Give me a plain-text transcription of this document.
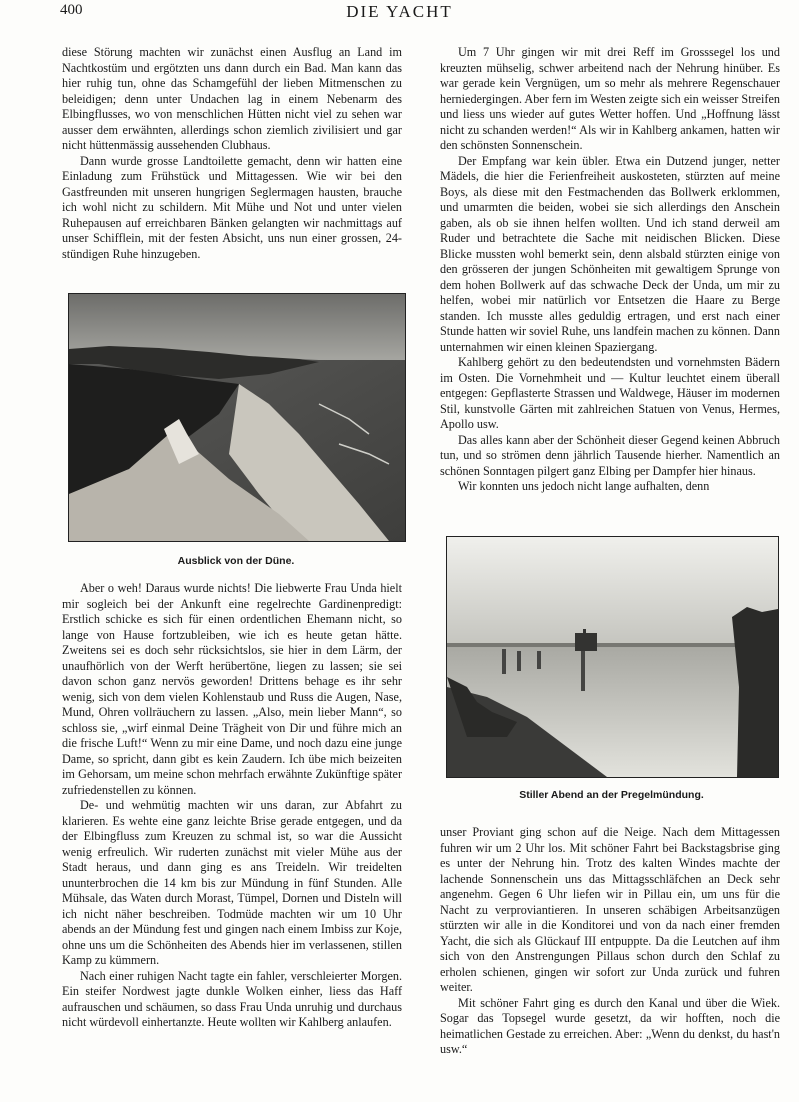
400	DIE YACHT

diese Störung machten wir zunächst einen Ausflug an Land im Nachtkostüm und ergötzten uns dann durch ein Bad. Man kann das hier ruhig tun, ohne das Schamgefühl der lieben Mitmenschen zu beleidigen; denn unter Undachen lag in einem Nebenarm des Elbingflusses, wo von menschlichen Hütten nicht viel zu sehen war ausser dem erwähnten, allerdings schon ziemlich zivilisiert und gar nicht hüttenmässig aussehenden Clubhaus.

Dann wurde grosse Landtoilette gemacht, denn wir hatten eine Einladung zum Frühstück und Mittagessen. Wie wir bei den Gastfreunden mit unseren hungrigen Seglermagen hausten, brauche ich wohl nicht zu schildern. Mit Mühe und Not und unter vielen Ruhepausen auf erreichbaren Bänken gelangten wir nachmittags auf unser Schifflein, mit der festen Absicht, uns nun einer grossen, 24-stündigen Ruhe hinzugeben.

Um 7 Uhr gingen wir mit drei Reff im Grosssegel los und kreuzten mühselig, schwer arbeitend nach der Nehrung hinüber. Es war gerade kein Vergnügen, um so mehr als mehrere Regenschauer herniedergingen. Aber fern im Westen zeigte sich ein weisser Streifen und liess uns wieder auf gutes Wetter hoffen. Und „Hoffnung lässt nicht zu schanden werden!“ Als wir in Kahlberg ankamen, hatten wir den schönsten Sonnenschein.

Der Empfang war kein übler. Etwa ein Dutzend junger, netter Mädels, die hier die Ferienfreiheit auskosteten, stürzten auf meine Boys, als diese mit den Festmachenden das Bollwerk erklommen, und umarmten die beiden, wobei sie sich allerdings den Anschein gaben, als ob sie ihnen helfen wollten. Und ich stand derweil am Ruder und betrachtete die Sache mit neidischen Blicken. Diese Blicke mussten wohl bemerkt sein, denn alsbald stürzten einige von den grösseren der jungen Schönheiten mit gewaltigem Sprunge von dem hohen Bollwerk auf das schwache Deck der Unda, um mir zu helfen, wobei mir natürlich vor Entsetzen die Haare zu Berge standen. Ich musste alles geduldig ertragen, und erst nach einer Stunde hatten wir soviel Ruhe, uns landfein machen zu können. Dann unternahmen wir einen kleinen Spaziergang.

Kahlberg gehört zu den bedeutendsten und vornehmsten Bädern im Osten. Die Vornehmheit und — Kultur leuchtet einem überall entgegen: Gepflasterte Strassen und Waldwege, Häuser im modernen Stil, kunstvolle Gärten mit zahlreichen Statuen von Venus, Hermes, Apollo usw.

Das alles kann aber der Schönheit dieser Gegend keinen Abbruch tun, und so strömen denn jährlich Tausende hierher. Namentlich an schönen Sonntagen pilgert ganz Elbing per Dampfer hier hinaus.

Wir konnten uns jedoch nicht lange aufhalten, denn

Ausblick von der Düne.
Stiller Abend an der Pregelmündung.

Aber o weh! Daraus wurde nichts! Die liebwerte Frau Unda hielt mir sogleich bei der Ankunft eine regelrechte Gardinenpredigt: Erstlich schicke es sich für einen ordentlichen Ehemann nicht, so lange von Hause fortzubleiben, wie ich es heute getan hätte. Zweitens sei es doch sehr rücksichtslos, sie hier in dem Lärm, der unaufhörlich von der Werft herübertöne, liegen zu lassen; sie sei davon schon ganz nervös geworden! Drittens behage es ihr sehr wenig, sich von dem vielen Kohlenstaub und Russ die Augen, Nase, Mund, Ohren vollräuchern zu lassen. „Also, mein lieber Mann“, so schloss sie, „wirf einmal Deine Trägheit von Dir und führe mich an die frische Luft!“ Wenn zu mir eine Dame, und noch dazu eine junge Dame, so spricht, dann gibt es kein Zaudern. Ich übe mich beizeiten im Gehorsam, um meine schon mehrfach erwähnte Zukünftige später zufriedenstellen zu können.

De- und wehmütig machten wir uns daran, zur Abfahrt zu klarieren. Es wehte eine ganz leichte Brise gerade entgegen, und da der Elbingfluss zum Kreuzen zu schmal ist, so war die Aussicht wenig erfreulich. Wir ruderten zunächst mit vieler Mühe aus der Stadt heraus, und dann ging es ans Treideln. Wir treidelten ununterbrochen die 14 km bis zur Mündung in fünf Stunden. Alle Mühsale, das Waten durch Morast, Tümpel, Dornen und Disteln will ich nicht näher beschreiben. Todmüde machten wir um 10 Uhr abends an der Mündung fest und gingen nach einem Imbiss zur Koje, ohne uns um die Schönheiten des Abends hier im verlassenen, stillen Kamp zu kümmern.

Nach einer ruhigen Nacht tagte ein fahler, verschleierter Morgen. Ein steifer Nordwest jagte dunkle Wolken einher, liess das Haff aufrauschen und schäumen, so dass Frau Unda unruhig und durchaus nicht würdevoll einhertanzte. Heute wollten wir Kahlberg anlaufen.

unser Proviant ging schon auf die Neige. Nach dem Mittagessen fuhren wir um 2 Uhr los. Mit schöner Fahrt bei Backstagsbrise ging es unter der Nehrung hin. Trotz des kalten Windes machte der lachende Sonnenschein uns das Mittagsschläfchen an Deck sehr angenehm. Gegen 6 Uhr liefen wir in Pillau ein, um uns für die Nacht zu verproviantieren. In unseren schäbigen Arbeitsanzügen stürzten wir alle in die Konditorei und von da nach einer fremden Yacht, die sich als Glückauf III entpuppte. Da die Leutchen auf ihm sich von den Anstrengungen Pillaus schon durch den Schlaf zu erholen schienen, gingen wir sofort zur Unda zurück und fuhren weiter.

Mit schöner Fahrt ging es durch den Kanal und über die Wiek. Sogar das Topsegel wurde gesetzt, da wir hofften, noch die heimatlichen Gestade zu erreichen. Aber: „Wenn du denkst, du hast'n usw.“
